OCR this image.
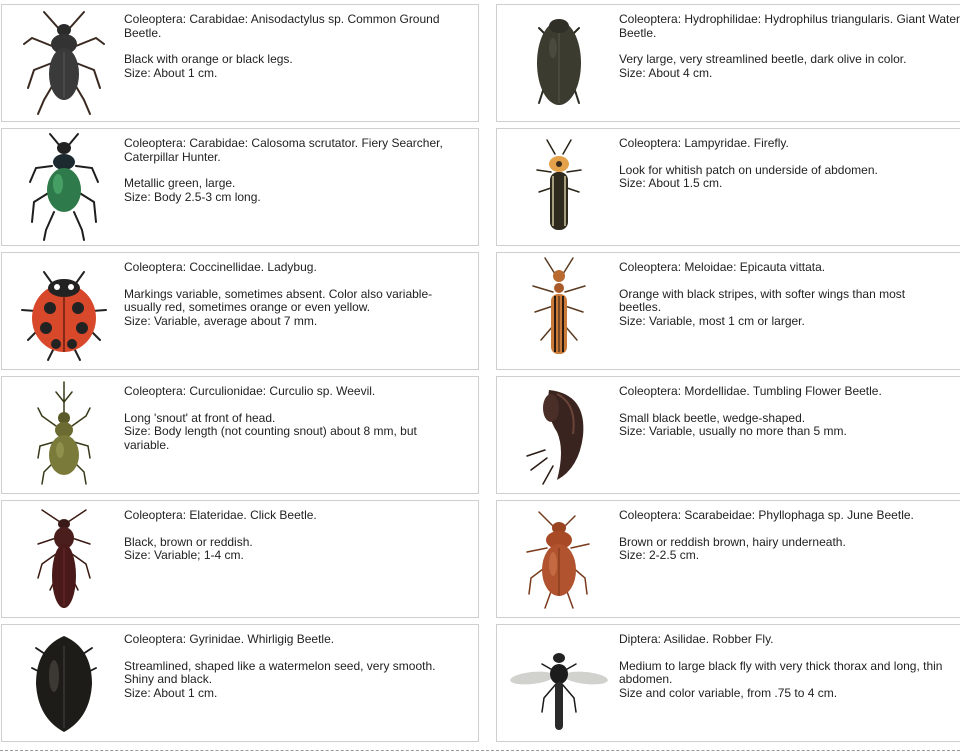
Coleoptera: Carabidae: Anisodactylus sp. Common Ground Beetle.

Black with orange or black legs.

Size: About 1 cm.

Coleoptera: Hydrophilidae: Hydrophilus triangularis. Giant Water Beetle.

Very large, very streamlined beetle, dark olive in color.

Size: About 4 cm.

Coleoptera: Carabidae: Calosoma scrutator. Fiery Searcher, Caterpillar Hunter.

Metallic green, large.

Size: Body 2.5-3 cm long.

Coleoptera: Lampyridae. Firefly.

Look for whitish patch on underside of abdomen.

Size: About 1.5 cm.

Coleoptera: Coccinellidae. Ladybug.

Markings variable, sometimes absent. Color also variable-

usually red, sometimes orange or even yellow.

Size: Variable, average about 7 mm.

Coleoptera: Meloidae: Epicauta vittata.

Orange with black stripes, with softer wings than most

beetles.

Size: Variable, most 1 cm or larger.

Coleoptera: Curculionidae: Curculio sp. Weevil.

Long 'snout' at front of head.

Size: Body length (not counting snout) about 8 mm, but

variable.

Coleoptera: Mordellidae. Tumbling Flower Beetle.

Small black beetle, wedge-shaped.

Size: Variable, usually no more than 5 mm.

Coleoptera: Elateridae. Click Beetle.

Black, brown or reddish.

Size: Variable; 1-4 cm.

Coleoptera: Scarabeidae: Phyllophaga sp. June Beetle.

Brown or reddish brown, hairy underneath.

Size: 2-2.5 cm.

Coleoptera: Gyrinidae. Whirligig Beetle.

Streamlined, shaped like a watermelon seed, very smooth.

Shiny and black.

Size: About 1 cm.

Diptera: Asilidae. Robber Fly.

Medium to large black fly with very thick thorax and long, thin

abdomen.

Size and color variable, from .75 to 4 cm.
